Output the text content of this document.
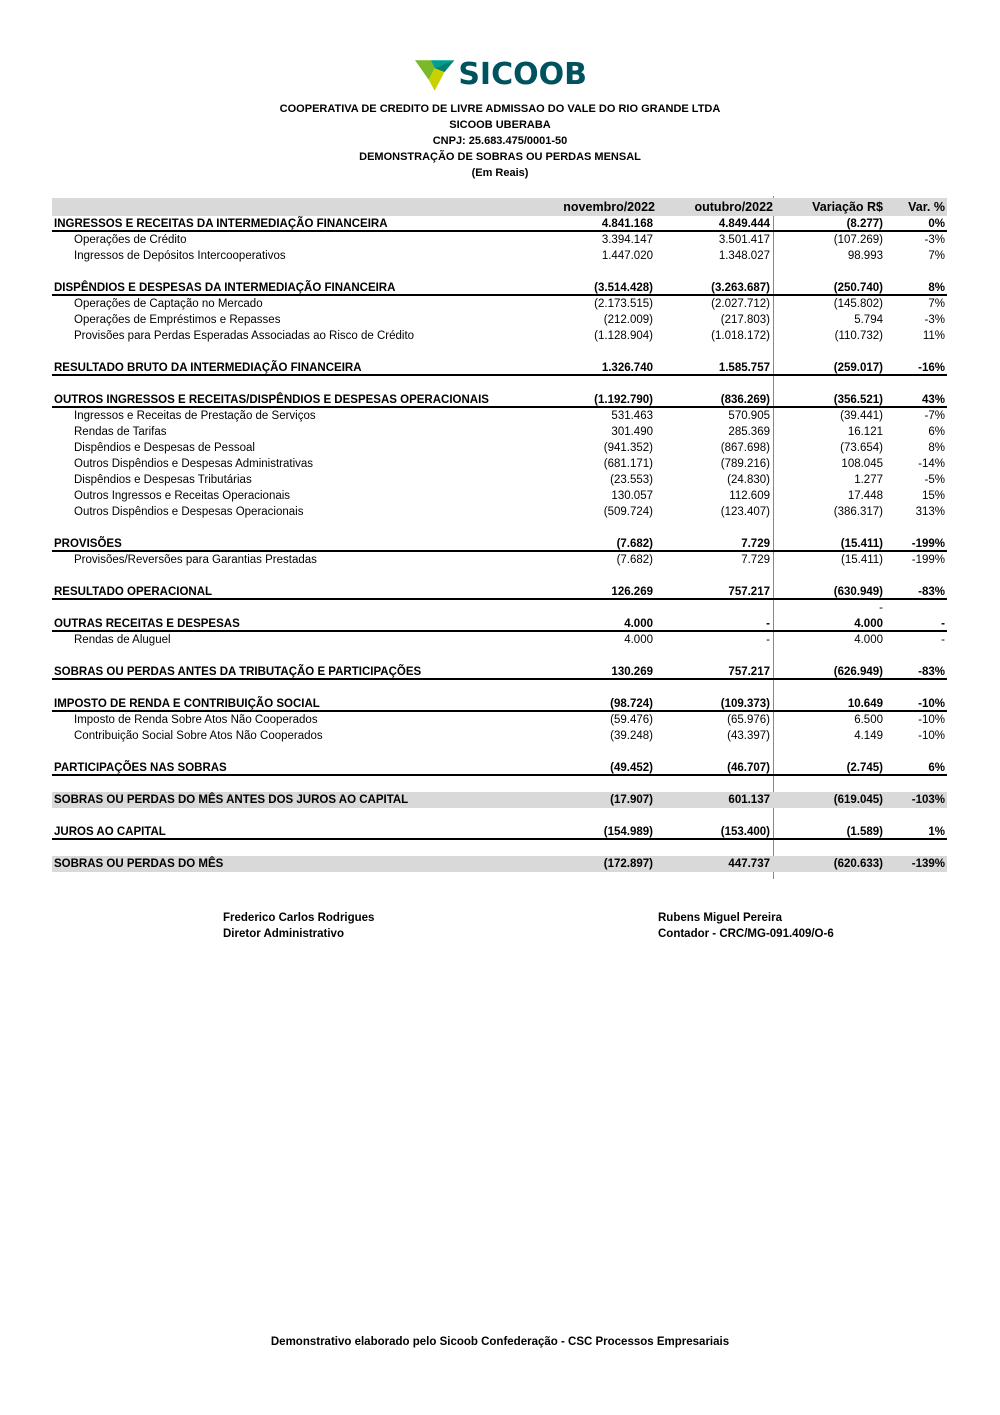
SICOOB
COOPERATIVA DE CREDITO DE LIVRE ADMISSAO DO VALE DO RIO GRANDE LTDA
SICOOB UBERABA
CNPJ: 25.683.475/0001-50
DEMONSTRAÇÃO DE SOBRAS OU PERDAS MENSAL
(Em Reais)
novembro/2022	outubro/2022	Variação R$	Var. %
INGRESSOS E RECEITAS DA INTERMEDIAÇÃO FINANCEIRA	4.841.168	4.849.444	(8.277)	0%
Operações de Crédito	3.394.147	3.501.417	(107.269)	-3%
Ingressos de Depósitos Intercooperativos	1.447.020	1.348.027	98.993	7%
DISPÊNDIOS E DESPESAS DA INTERMEDIAÇÃO FINANCEIRA	(3.514.428)	(3.263.687)	(250.740)	8%
Operações de Captação no Mercado	(2.173.515)	(2.027.712)	(145.802)	7%
Operações de Empréstimos e Repasses	(212.009)	(217.803)	5.794	-3%
Provisões para Perdas Esperadas Associadas ao Risco de Crédito	(1.128.904)	(1.018.172)	(110.732)	11%
RESULTADO BRUTO DA INTERMEDIAÇÃO FINANCEIRA	1.326.740	1.585.757	(259.017)	-16%
OUTROS INGRESSOS E RECEITAS/DISPÊNDIOS E DESPESAS OPERACIONAIS	(1.192.790)	(836.269)	(356.521)	43%
Ingressos e Receitas de Prestação de Serviços	531.463	570.905	(39.441)	-7%
Rendas de Tarifas	301.490	285.369	16.121	6%
Dispêndios e Despesas de Pessoal	(941.352)	(867.698)	(73.654)	8%
Outros Dispêndios e Despesas Administrativas	(681.171)	(789.216)	108.045	-14%
Dispêndios e Despesas Tributárias	(23.553)	(24.830)	1.277	-5%
Outros Ingressos e Receitas Operacionais	130.057	112.609	17.448	15%
Outros Dispêndios e Despesas Operacionais	(509.724)	(123.407)	(386.317)	313%
PROVISÕES	(7.682)	7.729	(15.411)	-199%
Provisões/Reversões para Garantias Prestadas	(7.682)	7.729	(15.411)	-199%
RESULTADO OPERACIONAL	126.269	757.217	(630.949)	-83%
-
OUTRAS RECEITAS E DESPESAS	4.000	-	4.000	-
Rendas de Aluguel	4.000	-	4.000	-
SOBRAS OU PERDAS ANTES DA TRIBUTAÇÃO E PARTICIPAÇÕES	130.269	757.217	(626.949)	-83%
IMPOSTO DE RENDA E CONTRIBUIÇÃO SOCIAL	(98.724)	(109.373)	10.649	-10%
Imposto de Renda Sobre Atos Não Cooperados	(59.476)	(65.976)	6.500	-10%
Contribuição Social Sobre Atos Não Cooperados	(39.248)	(43.397)	4.149	-10%
PARTICIPAÇÕES NAS SOBRAS	(49.452)	(46.707)	(2.745)	6%
SOBRAS OU PERDAS DO MÊS ANTES DOS JUROS AO CAPITAL	(17.907)	601.137	(619.045)	-103%
JUROS AO CAPITAL	(154.989)	(153.400)	(1.589)	1%
SOBRAS OU PERDAS DO MÊS	(172.897)	447.737	(620.633)	-139%
Frederico Carlos Rodrigues
Diretor Administrativo
Rubens Miguel Pereira
Contador - CRC/MG-091.409/O-6
Demonstrativo elaborado pelo Sicoob Confederação - CSC Processos Empresariais
